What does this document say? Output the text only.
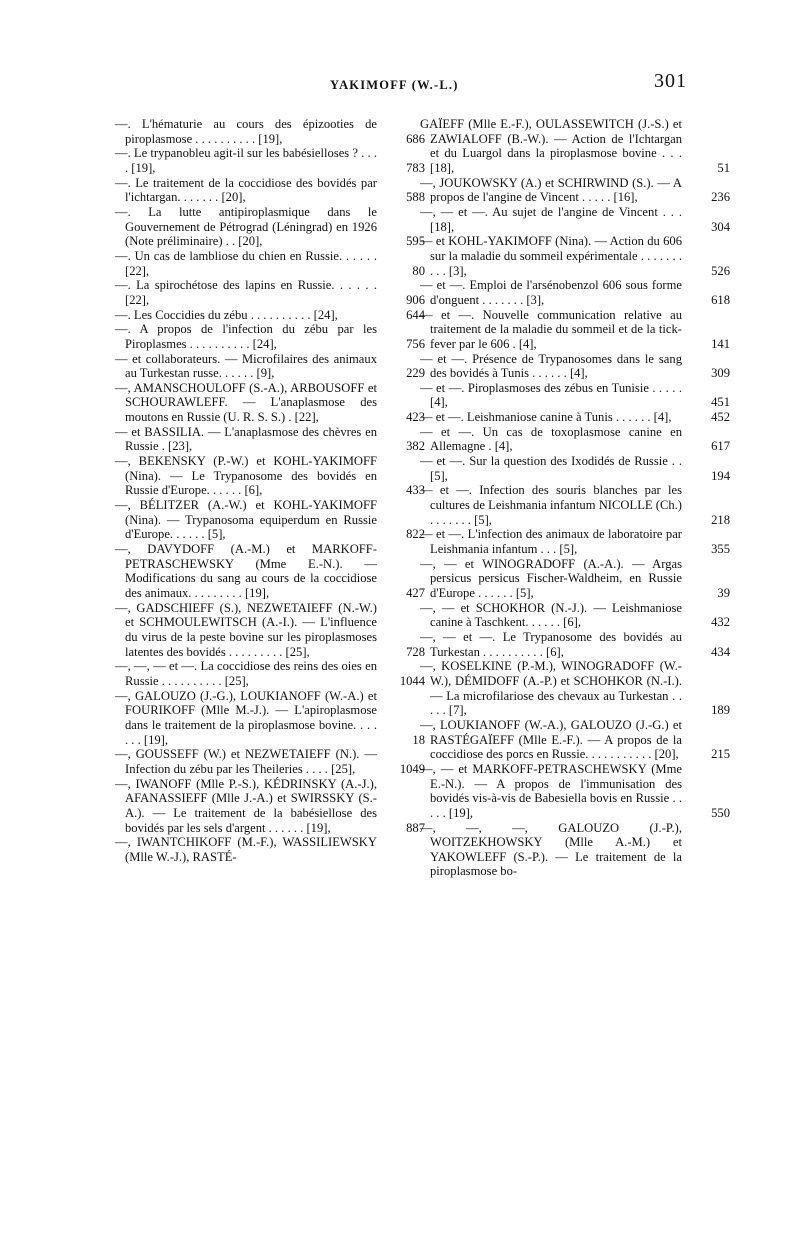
YAKIMOFF (W.-L.)	301
—. L'hématurie au cours des épizooties de piroplasmose . . . . . . . . . . [19],	686
—. Le trypanobleu agit-il sur les babésielloses ? . . . . [19],	783
—. Le traitement de la coccidiose des bovidés par l'ichtargan. . . . . . . [20],	588
—. La lutte antipiroplasmique dans le Gouvernement de Pétrograd (Léningrad) en 1926 (Note préliminaire) . . [20],	595
—. Un cas de lambliose du chien en Russie. . . . . . [22],	80
—. La spirochétose des lapins en Russie. . . . . . [22],	906
—. Les Coccidies du zébu . . . . . . . . . . [24],	644
—. A propos de l'infection du zébu par les Piroplasmes . . . . . . . . . . [24],	756
— et collaborateurs. — Microfilaires des animaux au Turkestan russe. . . . . . [9],	229
—, AMANSCHOULOFF (S.-A.), ARBOUSOFF et SCHOURAWLEFF. — L'anaplasmose des moutons en Russie (U. R. S. S.) . [22],	423
— et BASSILIA. — L'anaplasmose des chèvres en Russie . [23],	382
—, BEKENSKY (P.-W.) et KOHL-YAKIMOFF (Nina). — Le Trypanosome des bovidés en Russie d'Europe. . . . . . [6],	433
—, BÉLITZER (A.-W.) et KOHL-YAKIMOFF (Nina). — Trypanosoma equiperdum en Russie d'Europe. . . . . . [5],	822
—, DAVYDOFF (A.-M.) et MARKOFF-PETRASCHEWSKY (Mme E.-N.). — Modifications du sang au cours de la coccidiose des animaux. . . . . . . . . [19],	427
—, GADSCHIEFF (S.), NEZWETAIEFF (N.-W.) et SCHMOULEWITSCH (A.-I.). — L'influence du virus de la peste bovine sur les piroplasmoses latentes des bovidés . . . . . . . . . [25],	728
—, —, — et —. La coccidiose des reins des oies en Russie . . . . . . . . . . [25],	1044
—, GALOUZO (J.-G.), LOUKIANOFF (W.-A.) et FOURIKOFF (Mlle M.-J.). — L'apiroplasmose dans le traitement de la piroplasmose bovine. . . . . . . [19],	18
—, GOUSSEFF (W.) et NEZWETAIEFF (N.). — Infection du zébu par les Theileries . . . . [25],	1049
—, IWANOFF (Mlle P.-S.), KÉDRINSKY (A.-J.), AFANASSIEFF (Mlle J.-A.) et SWIRSSKY (S.-A.). — Le traitement de la babésiellose des bovidés par les sels d'argent . . . . . . [19],	887
—, IWANTCHIKOFF (M.-F.), WASSILIEWSKY (Mlle W.-J.), RASTÉ-
GAÏEFF (Mlle E.-F.), OULASSEWITCH (J.-S.) et ZAWIALOFF (B.-W.). — Action de l'Ichtargan et du Luargol dans la piroplasmose bovine . . . [18],	51
—, JOUKOWSKY (A.) et SCHIRWIND (S.). — A propos de l'angine de Vincent . . . . . [16],	236
—, — et —. Au sujet de l'angine de Vincent . . . [18],	304
— et KOHL-YAKIMOFF (Nina). — Action du 606 sur la maladie du sommeil expérimentale . . . . . . . . . . [3],	526
— et —. Emploi de l'arsénobenzol 606 sous forme d'onguent . . . . . . . [3],	618
— et —. Nouvelle communication relative au traitement de la maladie du sommeil et de la tick-fever par le 606 . [4],	141
— et —. Présence de Trypanosomes dans le sang des bovidés à Tunis . . . . . . [4],	309
— et —. Piroplasmoses des zébus en Tunisie . . . . . [4],	451
— et —. Leishmaniose canine à Tunis . . . . . . [4],	452
— et —. Un cas de toxoplasmose canine en Allemagne . [4],	617
— et —. Sur la question des Ixodidés de Russie . . [5],	194
— et —. Infection des souris blanches par les cultures de Leishmania infantum NICOLLE (Ch.) . . . . . . . [5],	218
— et —. L'infection des animaux de laboratoire par Leishmania infantum . . . [5],	355
—, — et WINOGRADOFF (A.-A.). — Argas persicus persicus Fischer-Waldheim, en Russie d'Europe . . . . . . [5],	39
—, — et SCHOKHOR (N.-J.). — Leishmaniose canine à Taschkent. . . . . . [6],	432
—, — et —. Le Trypanosome des bovidés au Turkestan . . . . . . . . . . [6],	434
—, KOSELKINE (P.-M.), WINOGRADOFF (W.-W.), DÉMIDOFF (A.-P.) et SCHOHKOR (N.-I.). — La microfilariose des chevaux au Turkestan . . . . . [7],	189
—, LOUKIANOFF (W.-A.), GALOUZO (J.-G.) et RASTÉGAÏEFF (Mlle E.-F.). — A propos de la coccidiose des porcs en Russie. . . . . . . . . . . [20],	215
—, — et MARKOFF-PETRASCHEWSKY (Mme E.-N.). — A propos de l'immunisation des bovidés vis-à-vis de Babesiella bovis en Russie . . . . . [19],	550
—, —, —, GALOUZO (J.-P.), WOITZEKHOWSKY (Mlle A.-M.) et YAKOWLEFF (S.-P.). — Le traitement de la piroplasmose bo-
